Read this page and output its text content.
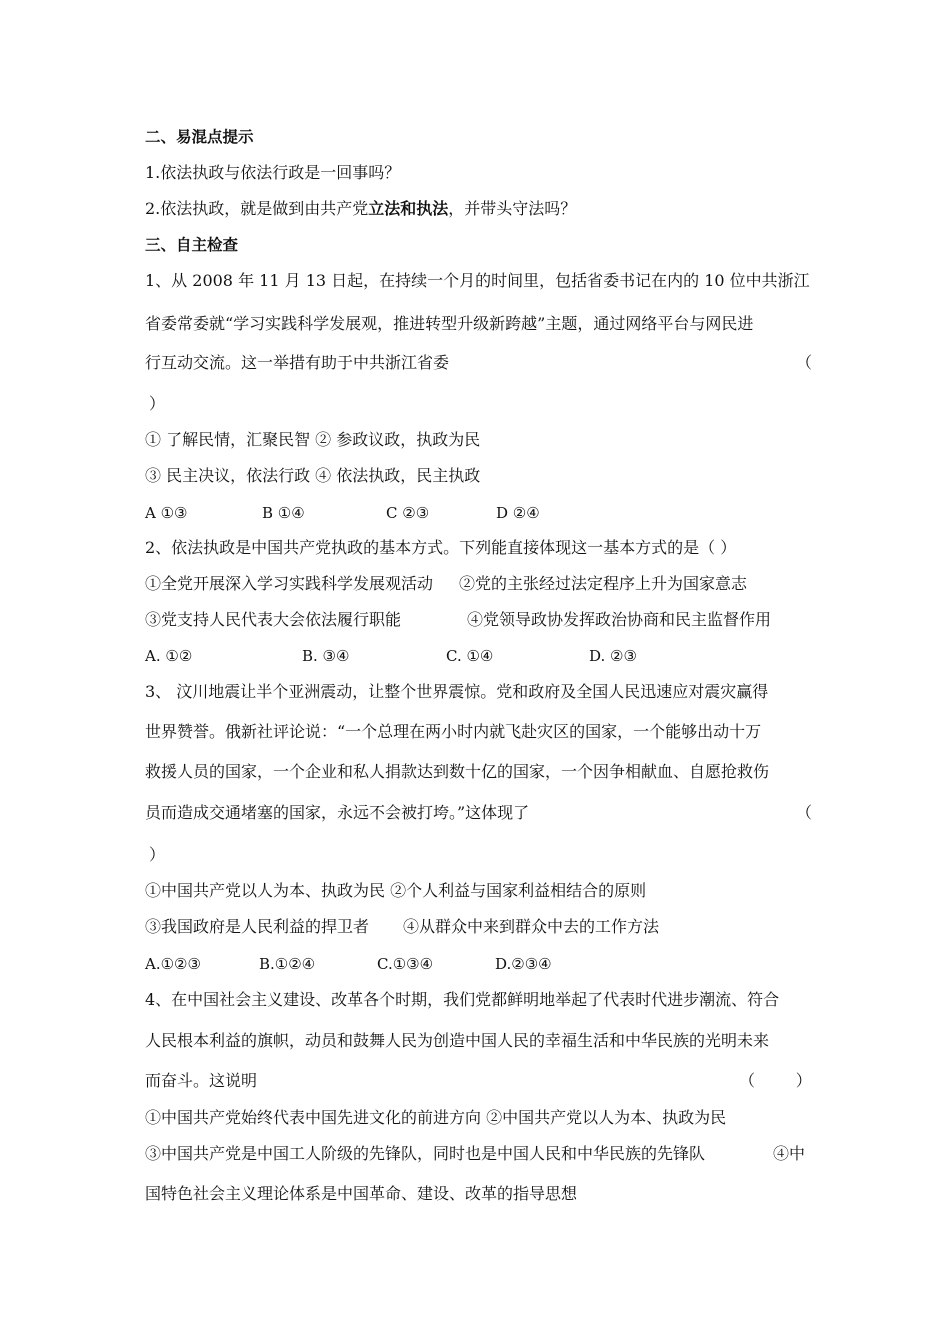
二、易混点提示
1.依法执政与依法行政是一回事吗？
2.依法执政，就是做到由共产党立法和执法，并带头守法吗？
三、自主检查
1、从 2008 年 11 月 13 日起，在持续一个月的时间里，包括省委书记在内的 10 位中共浙江
省委常委就“学习实践科学发展观，推进转型升级新跨越”主题，通过网络平台与网民进
行互动交流。这一举措有助于中共浙江省委	（
）
① 了解民情，汇聚民智 ② 参政议政，执政为民
③ 民主决议，依法行政 ④ 依法执政，民主执政
A ①③	B ①④	C ②③	D ②④
2、依法执政是中国共产党执政的基本方式。下列能直接体现这一基本方式的是（ ）
①全党开展深入学习实践科学发展观活动 ②党的主张经过法定程序上升为国家意志
③党支持人民代表大会依法履行职能	④党领导政协发挥政治协商和民主监督作用
A. ①②	B. ③④	C. ①④	D. ②③
3、 汶川地震让半个亚洲震动，让整个世界震惊。党和政府及全国人民迅速应对震灾赢得
世界赞誉。俄新社评论说：“一个总理在两小时内就飞赴灾区的国家，一个能够出动十万
救援人员的国家，一个企业和私人捐款达到数十亿的国家，一个因争相献血、自愿抢救伤
员而造成交通堵塞的国家，永远不会被打垮。”这体现了	（
）
①中国共产党以人为本、执政为民 ②个人利益与国家利益相结合的原则
③我国政府是人民利益的捍卫者 ④从群众中来到群众中去的工作方法
A.①②③	B.①②④	C.①③④	D.②③④
4、在中国社会主义建设、改革各个时期，我们党都鲜明地举起了代表时代进步潮流、符合
人民根本利益的旗帜，动员和鼓舞人民为创造中国人民的幸福生活和中华民族的光明未来
而奋斗。这说明	（        ）
①中国共产党始终代表中国先进文化的前进方向 ②中国共产党以人为本、执政为民
③中国共产党是中国工人阶级的先锋队，同时也是中国人民和中华民族的先锋队	④中
国特色社会主义理论体系是中国革命、建设、改革的指导思想
